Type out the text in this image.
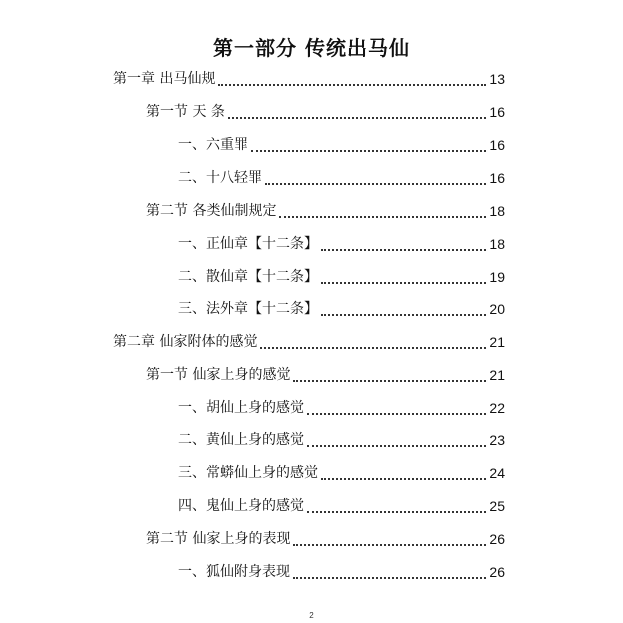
第一部分 传统出马仙
第一章 出马仙规	13
第一节 天 条	16
一、六重罪	16
二、十八轻罪	16
第二节 各类仙制规定	18
一、正仙章【十二条】	18
二、散仙章【十二条】	19
三、法外章【十二条】	20
第二章 仙家附体的感觉	21
第一节 仙家上身的感觉	21
一、胡仙上身的感觉	22
二、黄仙上身的感觉	23
三、常蟒仙上身的感觉	24
四、鬼仙上身的感觉	25
第二节 仙家上身的表现	26
一、狐仙附身表现	26
2
